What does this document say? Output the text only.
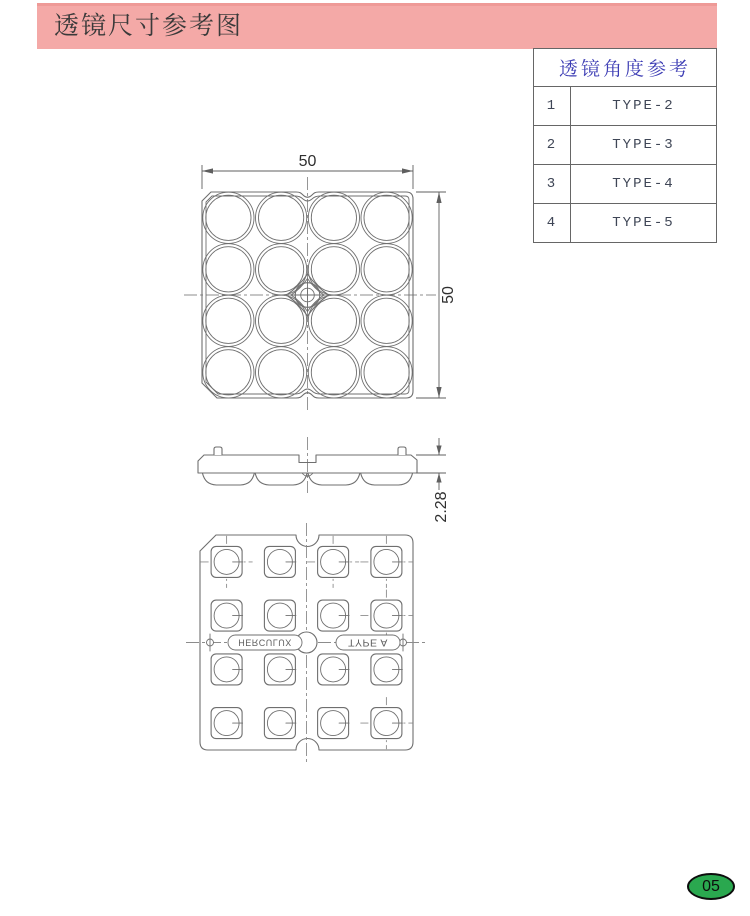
透镜尺寸参考图
透镜角度参考
1	TYPE-2
2	TYPE-3
3	TYPE-4
4	TYPE-5
50
50
2.28
HERCULUX	TYPE A
05
